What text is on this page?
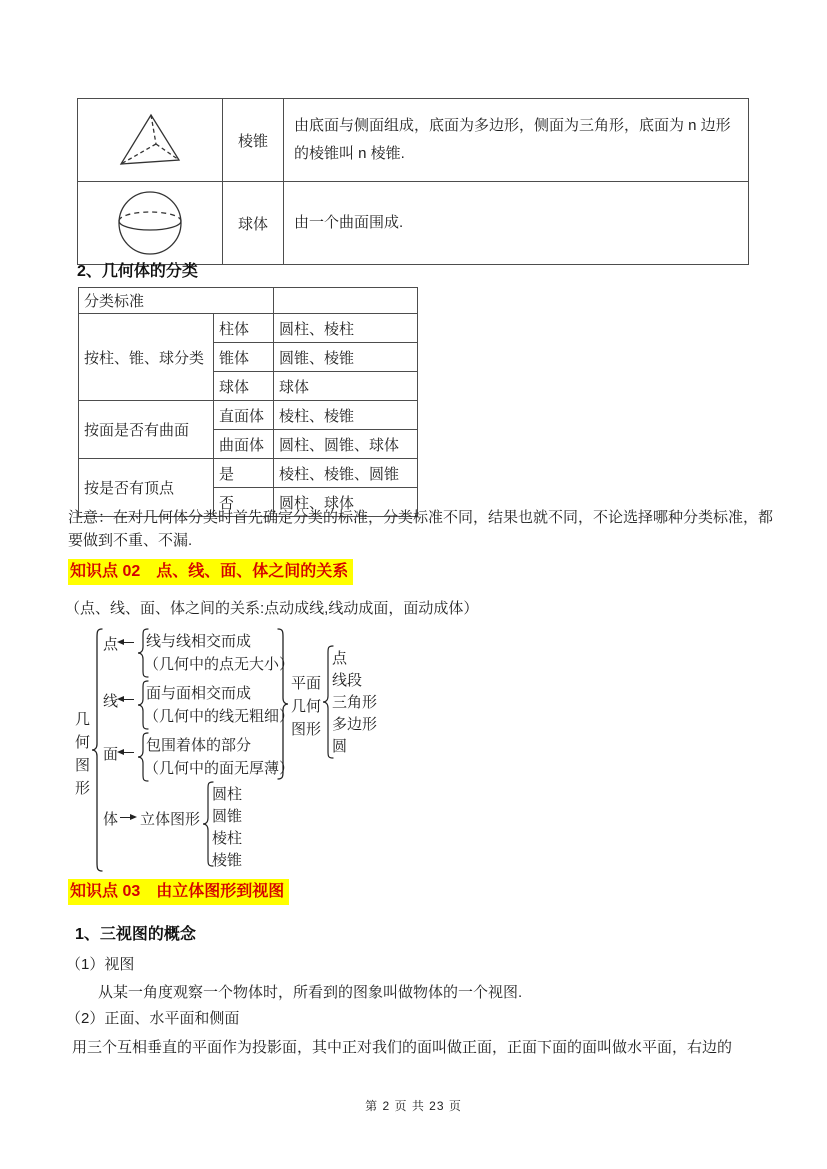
	棱锥	由底面与侧面组成，底面为多边形，侧面为三角形，底面为 n 边形的棱锥叫 n 棱锥.

	球体	由一个曲面围成.
2、几何体的分类
分类标准		
按柱、锥、球分类	柱体	圆柱、棱柱
	锥体	圆锥、棱锥
	球体	球体
按面是否有曲面	直面体	棱柱、棱锥
	曲面体	圆柱、圆锥、球体
按是否有顶点	是	棱柱、棱锥、圆锥
	否	圆柱、球体
注意：在对几何体分类时首先确定分类的标准，分类标准不同，结果也就不同，不论选择哪种分类标准，都要做到不重、不漏.
知识点 02　点、线、面、体之间的关系
（点、线、面、体之间的关系:点动成线,线动成面，面动成体）
几何图形
点 线与线相交而成
（几何中的点无大小）
线 面与面相交而成
（几何中的线无粗细）
面
包围着体的部分
（几何中的面无厚薄）
平面
几何
图形
点
线段
三角形
多边形
圆
体 立体图形
圆柱
圆锥
棱柱
棱锥
知识点 03　由立体图形到视图
1、三视图的概念
（1）视图
从某一角度观察一个物体时，所看到的图象叫做物体的一个视图.
（2）正面、水平面和侧面
用三个互相垂直的平面作为投影面，其中正对我们的面叫做正面，正面下面的面叫做水平面，右边的
第 2 页 共 23 页
